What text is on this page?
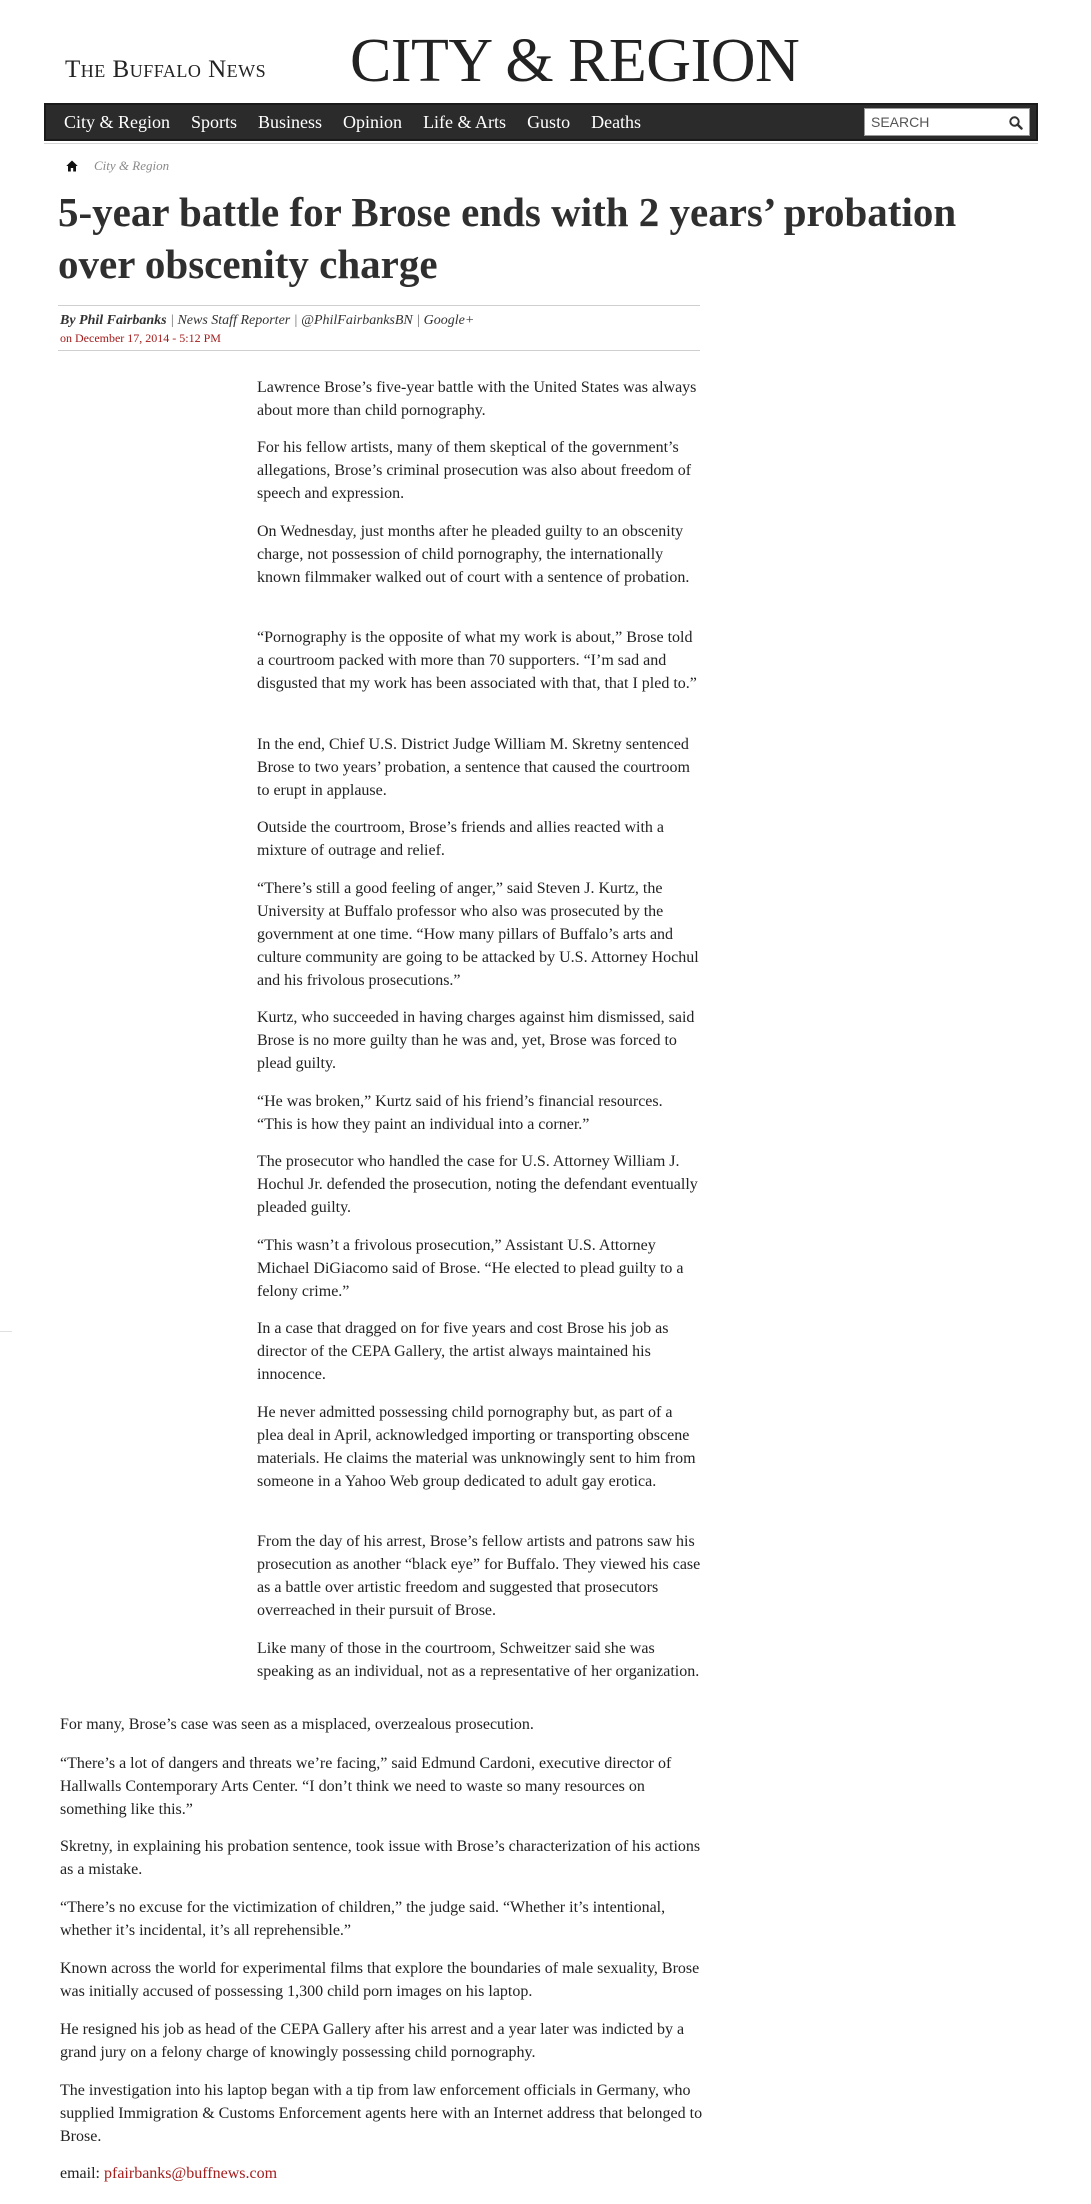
The Buffalo News CITY & REGION
City & Region Sports Business Opinion Life & Arts Gusto Deaths
SEARCH
City & Region
5-year battle for Brose ends with 2 years’ probation over obscenity charge
By Phil Fairbanks | News Staff Reporter | @PhilFairbanksBN | Google+
on December 17, 2014 - 5:12 PM

Lawrence Brose’s five-year battle with the United States was always about more than child pornography.

For his fellow artists, many of them skeptical of the government’s allegations, Brose’s criminal prosecution was also about freedom of speech and expression.

On Wednesday, just months after he pleaded guilty to an obscenity charge, not possession of child pornography, the internationally known filmmaker walked out of court with a sentence of probation.

“Pornography is the opposite of what my work is about,” Brose told a courtroom packed with more than 70 supporters. “I’m sad and disgusted that my work has been associated with that, that I pled to.”

In the end, Chief U.S. District Judge William M. Skretny sentenced Brose to two years’ probation, a sentence that caused the courtroom to erupt in applause.

Outside the courtroom, Brose’s friends and allies reacted with a mixture of outrage and relief.

“There’s still a good feeling of anger,” said Steven J. Kurtz, the University at Buffalo professor who also was prosecuted by the government at one time. “How many pillars of Buffalo’s arts and culture community are going to be attacked by U.S. Attorney Hochul and his frivolous prosecutions.”

Kurtz, who succeeded in having charges against him dismissed, said Brose is no more guilty than he was and, yet, Brose was forced to plead guilty.

“He was broken,” Kurtz said of his friend’s financial resources. “This is how they paint an individual into a corner.”

The prosecutor who handled the case for U.S. Attorney William J. Hochul Jr. defended the prosecution, noting the defendant eventually pleaded guilty.

“This wasn’t a frivolous prosecution,” Assistant U.S. Attorney Michael DiGiacomo said of Brose. “He elected to plead guilty to a felony crime.”

In a case that dragged on for five years and cost Brose his job as director of the CEPA Gallery, the artist always maintained his innocence.

He never admitted possessing child pornography but, as part of a plea deal in April, acknowledged importing or transporting obscene materials. He claims the material was unknowingly sent to him from someone in a Yahoo Web group dedicated to adult gay erotica.

From the day of his arrest, Brose’s fellow artists and patrons saw his prosecution as another “black eye” for Buffalo. They viewed his case as a battle over artistic freedom and suggested that prosecutors overreached in their pursuit of Brose.

Like many of those in the courtroom, Schweitzer said she was speaking as an individual, not as a representative of her organization.

For many, Brose’s case was seen as a misplaced, overzealous prosecution.

“There’s a lot of dangers and threats we’re facing,” said Edmund Cardoni, executive director of Hallwalls Contemporary Arts Center. “I don’t think we need to waste so many resources on something like this.”

Skretny, in explaining his probation sentence, took issue with Brose’s characterization of his actions as a mistake.

“There’s no excuse for the victimization of children,” the judge said. “Whether it’s intentional, whether it’s incidental, it’s all reprehensible.”

Known across the world for experimental films that explore the boundaries of male sexuality, Brose was initially accused of possessing 1,300 child porn images on his laptop.

He resigned his job as head of the CEPA Gallery after his arrest and a year later was indicted by a grand jury on a felony charge of knowingly possessing child pornography.

The investigation into his laptop began with a tip from law enforcement officials in Germany, who supplied Immigration & Customs Enforcement agents here with an Internet address that belonged to Brose.

email: pfairbanks@buffnews.com
